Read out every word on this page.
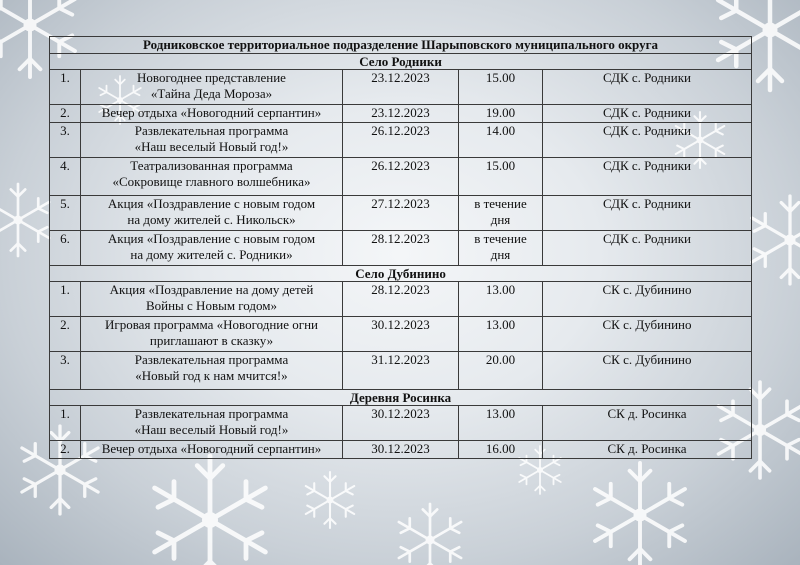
Родниковское территориальное подразделение Шарыповского муниципального округа				
Село Родники				
1.	Новогоднее представление
«Тайна Деда Мороза»	23.12.2023	15.00	СДК с. Родники
2.	Вечер отдыха «Новогодний серпантин»	23.12.2023	19.00	СДК с. Родники
3.	Развлекательная программа
«Наш веселый Новый год!»	26.12.2023	14.00	СДК с. Родники
4.	Театрализованная программа
«Сокровище главного волшебника»	26.12.2023	15.00	СДК с. Родники
5.	Акция «Поздравление с новым годом
на дому жителей с. Никольск»	27.12.2023	в течение
дня	СДК с. Родники
6.	Акция «Поздравление с новым годом
на дому жителей с. Родники»	28.12.2023	в течение
дня	СДК с. Родники
Село Дубинино				
1.	Акция «Поздравление на дому детей
Войны с Новым годом»	28.12.2023	13.00	СК с. Дубинино
2.	Игровая программа «Новогодние огни
приглашают в сказку»	30.12.2023	13.00	СК с. Дубинино
3.	Развлекательная программа
«Новый год к нам мчится!»	31.12.2023	20.00	СК с. Дубинино
Деревня Росинка				
1.	Развлекательная программа
«Наш веселый Новый год!»	30.12.2023	13.00	СК д. Росинка
2.	Вечер отдыха «Новогодний серпантин»	30.12.2023	16.00	СК д. Росинка
